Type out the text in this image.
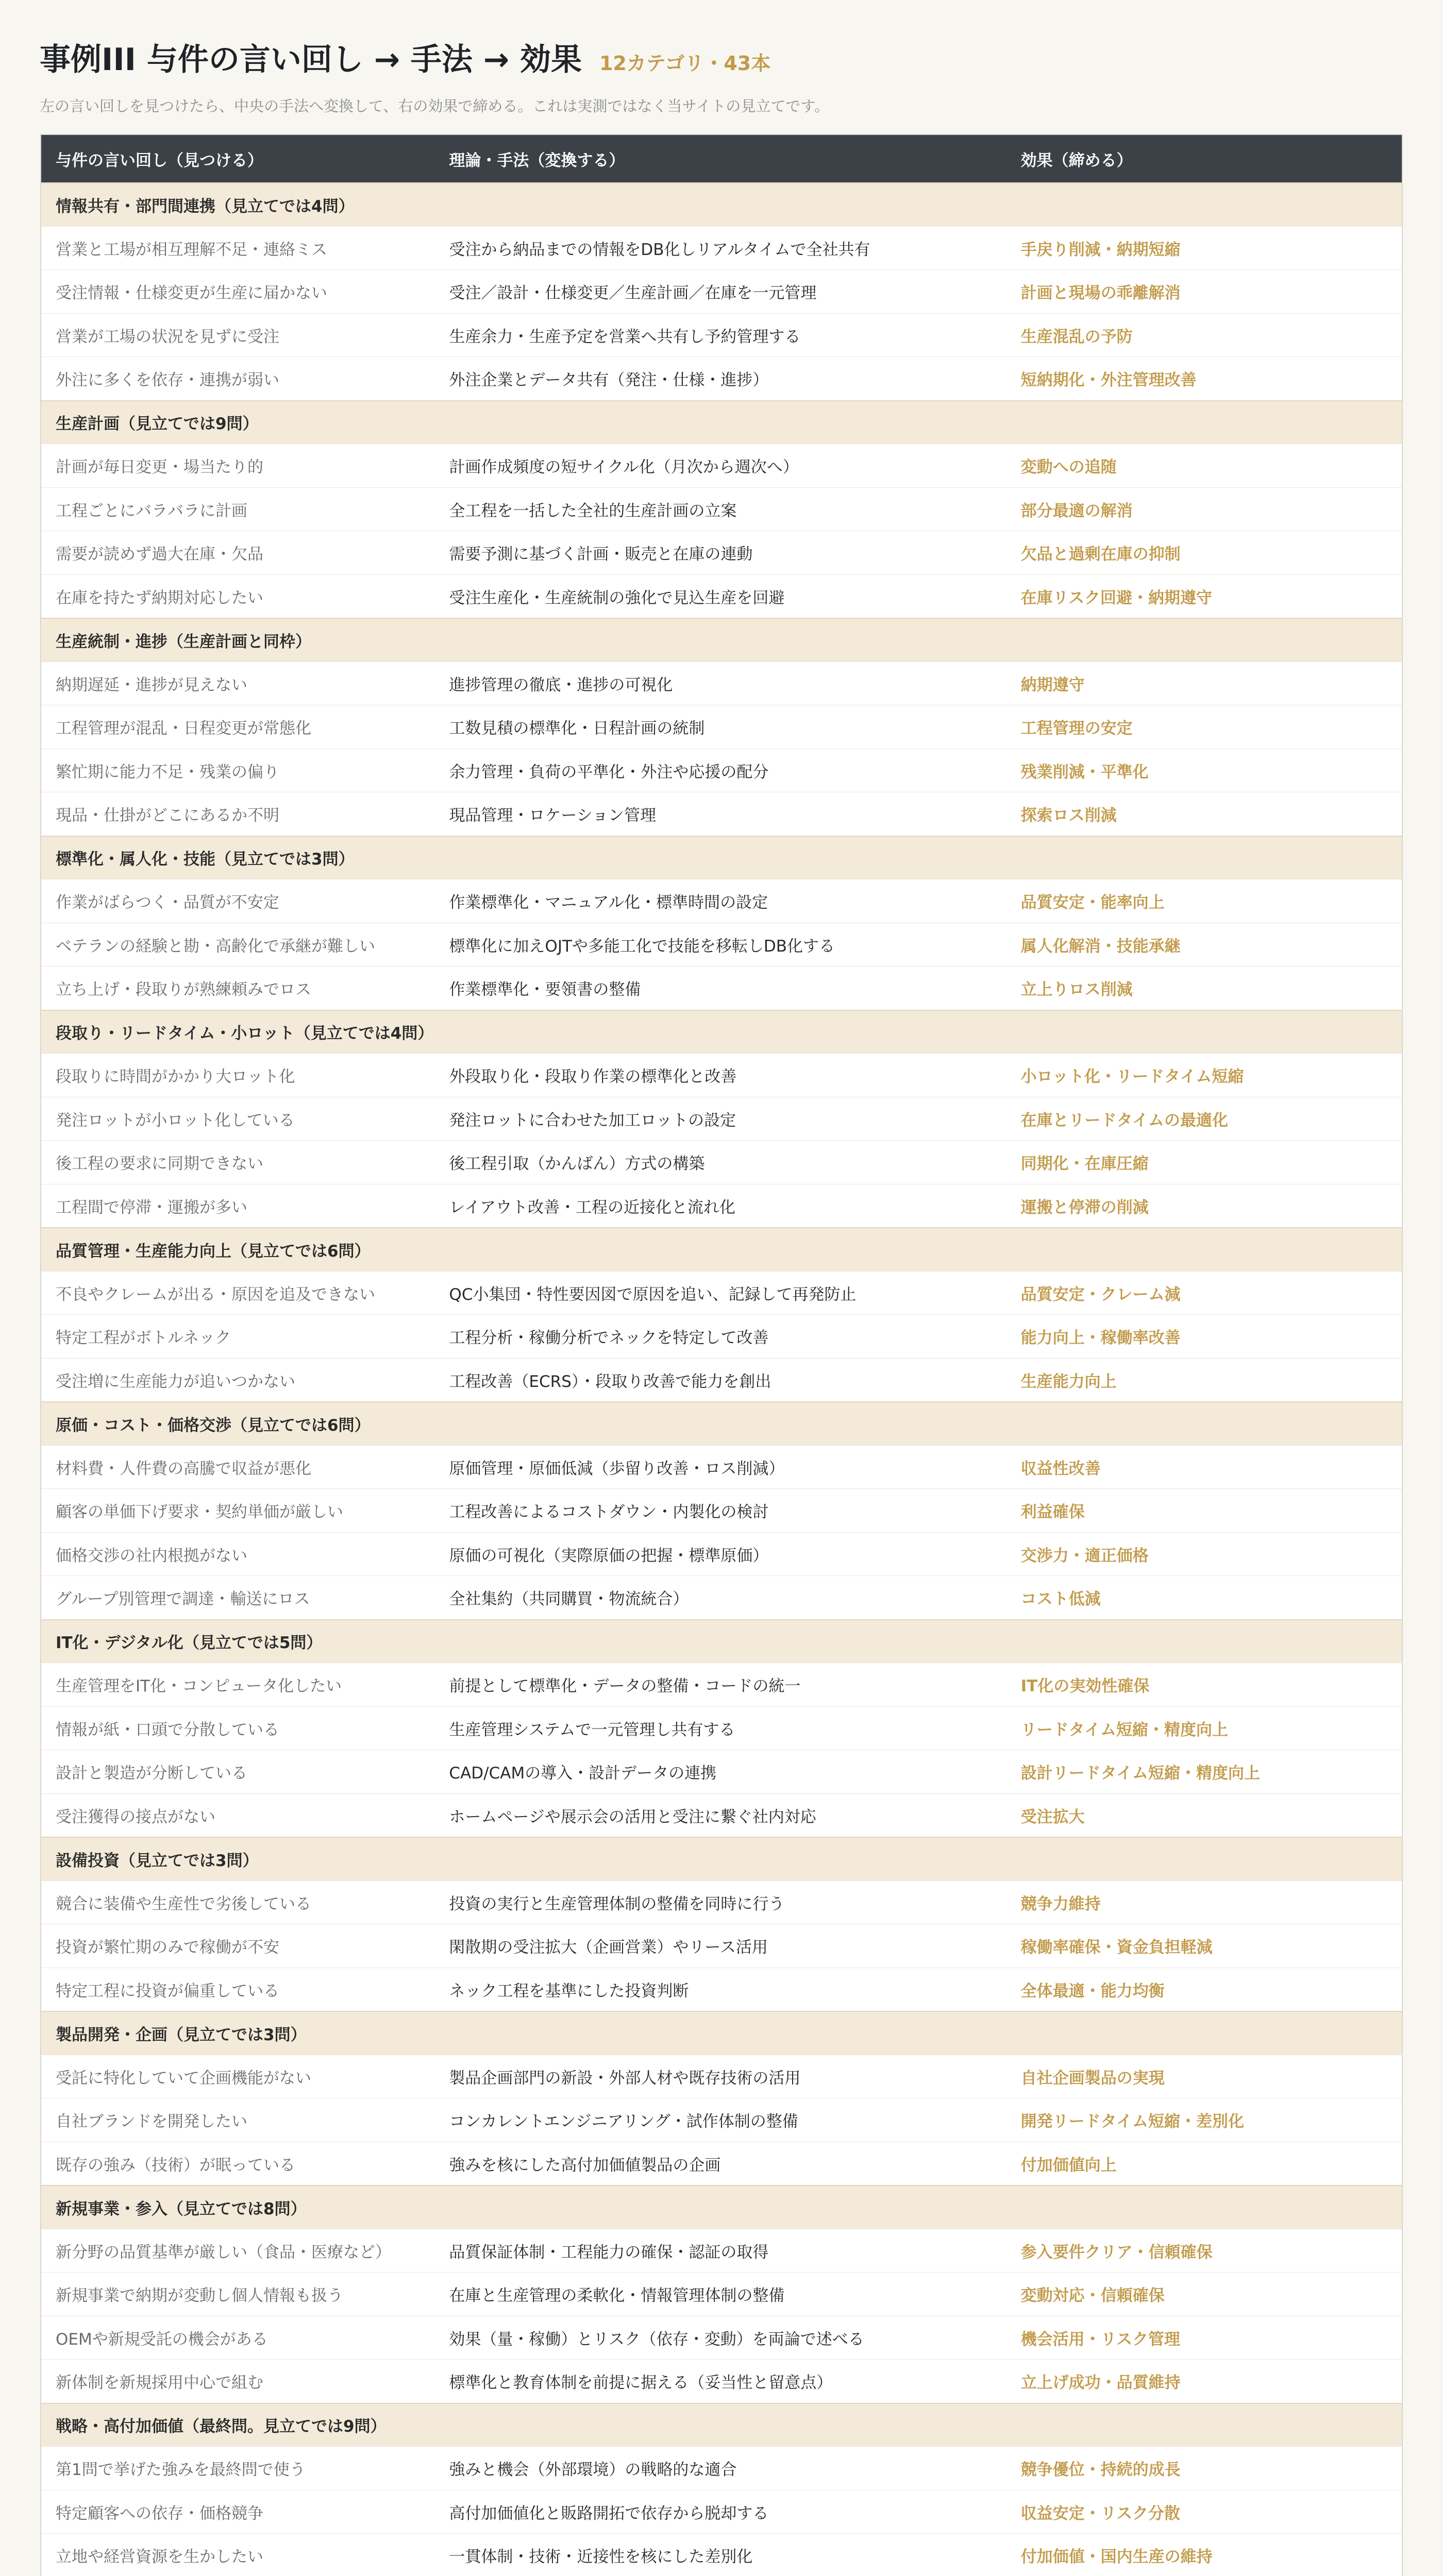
事例III 与件の言い回し → 手法 → 効果 12カテゴリ・43本
左の言い回しを見つけたら、中央の手法へ変換して、右の効果で締める。これは実測ではなく当サイトの見立てです。
与件の言い回し（見つける）	理論・手法（変換する）	効果（締める）
情報共有・部門間連携（見立てでは4問）
営業と工場が相互理解不足・連絡ミス	受注から納品までの情報をDB化しリアルタイムで全社共有	手戻り削減・納期短縮
受注情報・仕様変更が生産に届かない	受注／設計・仕様変更／生産計画／在庫を一元管理	計画と現場の乖離解消
営業が工場の状況を見ずに受注	生産余力・生産予定を営業へ共有し予約管理する	生産混乱の予防
外注に多くを依存・連携が弱い	外注企業とデータ共有（発注・仕様・進捗）	短納期化・外注管理改善
生産計画（見立てでは9問）
計画が毎日変更・場当たり的	計画作成頻度の短サイクル化（月次から週次へ）	変動への追随
工程ごとにバラバラに計画	全工程を一括した全社的生産計画の立案	部分最適の解消
需要が読めず過大在庫・欠品	需要予測に基づく計画・販売と在庫の連動	欠品と過剰在庫の抑制
在庫を持たず納期対応したい	受注生産化・生産統制の強化で見込生産を回避	在庫リスク回避・納期遵守
生産統制・進捗（生産計画と同枠）
納期遅延・進捗が見えない	進捗管理の徹底・進捗の可視化	納期遵守
工程管理が混乱・日程変更が常態化	工数見積の標準化・日程計画の統制	工程管理の安定
繁忙期に能力不足・残業の偏り	余力管理・負荷の平準化・外注や応援の配分	残業削減・平準化
現品・仕掛がどこにあるか不明	現品管理・ロケーション管理	探索ロス削減
標準化・属人化・技能（見立てでは3問）
作業がばらつく・品質が不安定	作業標準化・マニュアル化・標準時間の設定	品質安定・能率向上
ベテランの経験と勘・高齢化で承継が難しい	標準化に加えOJTや多能工化で技能を移転しDB化する	属人化解消・技能承継
立ち上げ・段取りが熟練頼みでロス	作業標準化・要領書の整備	立上りロス削減
段取り・リードタイム・小ロット（見立てでは4問）
段取りに時間がかかり大ロット化	外段取り化・段取り作業の標準化と改善	小ロット化・リードタイム短縮
発注ロットが小ロット化している	発注ロットに合わせた加工ロットの設定	在庫とリードタイムの最適化
後工程の要求に同期できない	後工程引取（かんばん）方式の構築	同期化・在庫圧縮
工程間で停滞・運搬が多い	レイアウト改善・工程の近接化と流れ化	運搬と停滞の削減
品質管理・生産能力向上（見立てでは6問）
不良やクレームが出る・原因を追及できない	QC小集団・特性要因図で原因を追い、記録して再発防止	品質安定・クレーム減
特定工程がボトルネック	工程分析・稼働分析でネックを特定して改善	能力向上・稼働率改善
受注増に生産能力が追いつかない	工程改善（ECRS）・段取り改善で能力を創出	生産能力向上
原価・コスト・価格交渉（見立てでは6問）
材料費・人件費の高騰で収益が悪化	原価管理・原価低減（歩留り改善・ロス削減）	収益性改善
顧客の単価下げ要求・契約単価が厳しい	工程改善によるコストダウン・内製化の検討	利益確保
価格交渉の社内根拠がない	原価の可視化（実際原価の把握・標準原価）	交渉力・適正価格
グループ別管理で調達・輸送にロス	全社集約（共同購買・物流統合）	コスト低減
IT化・デジタル化（見立てでは5問）
生産管理をIT化・コンピュータ化したい	前提として標準化・データの整備・コードの統一	IT化の実効性確保
情報が紙・口頭で分散している	生産管理システムで一元管理し共有する	リードタイム短縮・精度向上
設計と製造が分断している	CAD/CAMの導入・設計データの連携	設計リードタイム短縮・精度向上
受注獲得の接点がない	ホームページや展示会の活用と受注に繋ぐ社内対応	受注拡大
設備投資（見立てでは3問）
競合に装備や生産性で劣後している	投資の実行と生産管理体制の整備を同時に行う	競争力維持
投資が繁忙期のみで稼働が不安	閑散期の受注拡大（企画営業）やリース活用	稼働率確保・資金負担軽減
特定工程に投資が偏重している	ネック工程を基準にした投資判断	全体最適・能力均衡
製品開発・企画（見立てでは3問）
受託に特化していて企画機能がない	製品企画部門の新設・外部人材や既存技術の活用	自社企画製品の実現
自社ブランドを開発したい	コンカレントエンジニアリング・試作体制の整備	開発リードタイム短縮・差別化
既存の強み（技術）が眠っている	強みを核にした高付加価値製品の企画	付加価値向上
新規事業・参入（見立てでは8問）
新分野の品質基準が厳しい（食品・医療など）	品質保証体制・工程能力の確保・認証の取得	参入要件クリア・信頼確保
新規事業で納期が変動し個人情報も扱う	在庫と生産管理の柔軟化・情報管理体制の整備	変動対応・信頼確保
OEMや新規受託の機会がある	効果（量・稼働）とリスク（依存・変動）を両論で述べる	機会活用・リスク管理
新体制を新規採用中心で組む	標準化と教育体制を前提に据える（妥当性と留意点）	立上げ成功・品質維持
戦略・高付加価値（最終問。見立てでは9問）
第1問で挙げた強みを最終問で使う	強みと機会（外部環境）の戦略的な適合	競争優位・持続的成長
特定顧客への依存・価格競争	高付加価値化と販路開拓で依存から脱却する	収益安定・リスク分散
立地や経営資源を生かしたい	一貫体制・技術・近接性を核にした差別化	付加価値・国内生産の維持
